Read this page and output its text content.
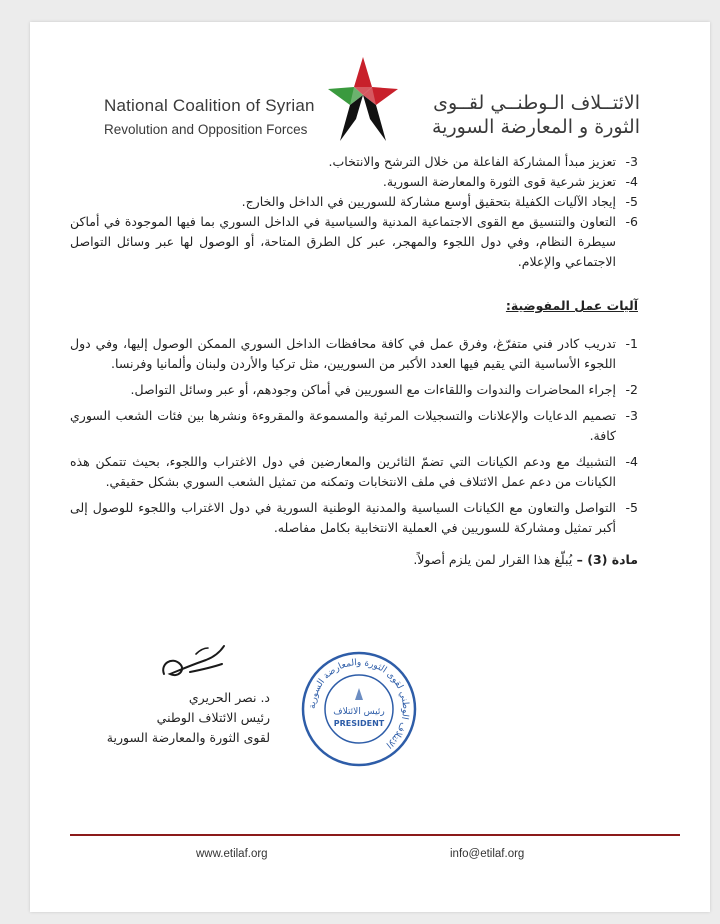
National Coalition of Syrian
Revolution and Opposition Forces
الائتــلاف الـوطنــي لقــوى
الثورة و المعارضة السورية
3-
تعزيز مبدأ المشاركة الفاعلة من خلال الترشح والانتخاب.
4-
تعزيز شرعية قوى الثورة والمعارضة السورية.
5-
إيجاد الآليات الكفيلة بتحقيق أوسع مشاركة للسوريين في الداخل والخارج.
6-
التعاون والتنسيق مع القوى الاجتماعية المدنية والسياسية في الداخل السوري بما فيها الموجودة في أماكن سيطرة النظام، وفي دول اللجوء والمهجر، عبر كل الطرق المتاحة، أو الوصول لها عبر وسائل التواصل الاجتماعي والإعلام.
آليات عمل المفوضية:
1-
تدريب كادر فني متفرّغ، وفرق عمل في كافة محافظات الداخل السوري الممكن الوصول إليها، وفي دول اللجوء الأساسية التي يقيم فيها العدد الأكبر من السوريين، مثل تركيا والأردن ولبنان وألمانيا وفرنسا.
2-
إجراء المحاضرات والندوات واللقاءات مع السوريين في أماكن وجودهم، أو عبر وسائل التواصل.
3-
تصميم الدعايات والإعلانات والتسجيلات المرئية والمسموعة والمقروءة ونشرها بين فئات الشعب السوري كافة.
4-
التشبيك مع ودعم الكيانات التي تضمّ الثائرين والمعارضين في دول الاغتراب واللجوء، بحيث تتمكن هذه الكيانات من دعم عمل الائتلاف في ملف الانتخابات وتمكنه من تمثيل الشعب السوري بشكل حقيقي.
5-
التواصل والتعاون مع الكيانات السياسية والمدنية الوطنية السورية في دول الاغتراب واللجوء للوصول إلى أكبر تمثيل ومشاركة للسوريين في العملية الانتخابية بكامل مفاصله.
مادة (3) – يُبلّغ هذا القرار لمن يلزم أصولاً.
د. نصر الحريري
رئيس الائتلاف الوطني
لقوى الثورة والمعارضة السورية
الائتلاف الوطني لقوى الثورة والمعارضة السورية
رئيس الائتلاف
PRESIDENT
www.etilaf.org	info@etilaf.org
